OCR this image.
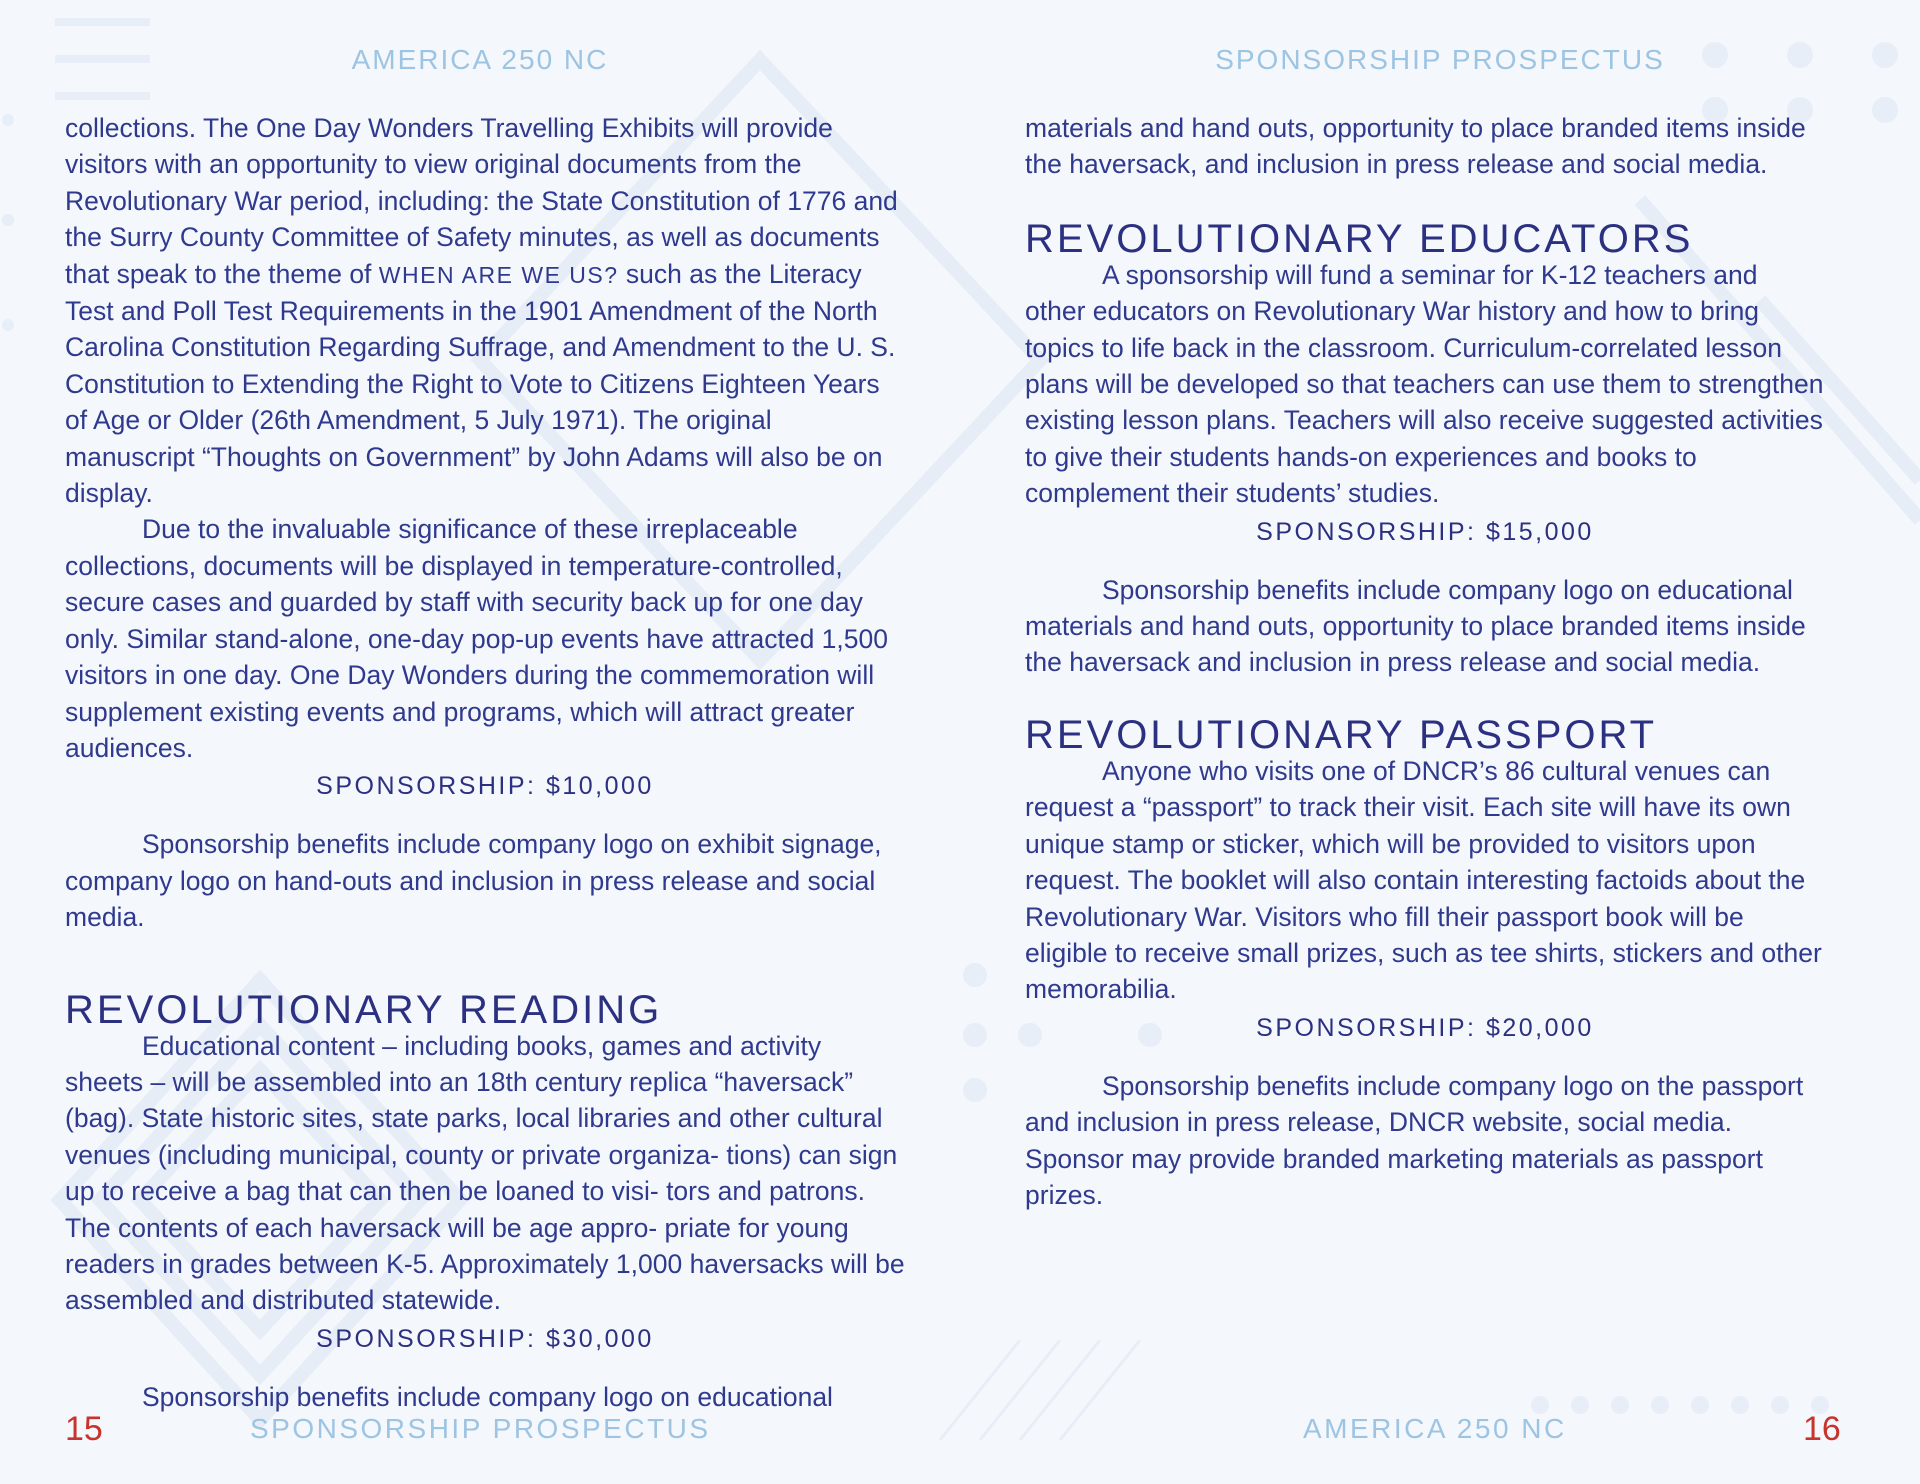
AMERICA 250 NC

collections. The One Day Wonders Travelling Exhibits will provide visitors with an opportunity to view original documents from the Revolutionary War period, including: the State Constitution of 1776 and the Surry County Committee of Safety minutes, as well as documents that speak to the theme of WHEN ARE WE US? such as the Literacy Test and Poll Test Requirements in the 1901 Amendment of the North Carolina Constitution Regarding Suffrage, and Amendment to the U. S. Constitution to Extending the Right to Vote to Citizens Eighteen Years of Age or Older (26th Amendment, 5 July 1971). The original manuscript “Thoughts on Government” by John Adams will also be on display.

Due to the invaluable significance of these irreplaceable collections, documents will be displayed in temperature-controlled, secure cases and guarded by staff with security back up for one day only. Similar stand-alone, one-day pop-up events have attracted 1,500 visitors in one day. One Day Wonders during the commemoration will supplement existing events and programs, which will attract greater audiences.

SPONSORSHIP: $10,000

Sponsorship benefits include company logo on exhibit signage, company logo on hand-outs and inclusion in press release and social media.

REVOLUTIONARY READING

Educational content – including books, games and activity sheets – will be assembled into an 18th century replica “haversack” (bag). State historic sites, state parks, local libraries and other cultural venues (including municipal, county or private organiza- tions) can sign up to receive a bag that can then be loaned to visi- tors and patrons. The contents of each haversack will be age appro- priate for young readers in grades between K-5. Approximately 1,000 haversacks will be assembled and distributed statewide.

SPONSORSHIP: $30,000

Sponsorship benefits include company logo on educational

15	SPONSORSHIP PROSPECTUS
SPONSORSHIP PROSPECTUS

materials and hand outs, opportunity to place branded items inside the haversack, and inclusion in press release and social media.

REVOLUTIONARY EDUCATORS

A sponsorship will fund a seminar for K-12 teachers and other educators on Revolutionary War history and how to bring topics to life back in the classroom. Curriculum-correlated lesson plans will be developed so that teachers can use them to strengthen existing lesson plans. Teachers will also receive suggested activities to give their students hands-on experiences and books to complement their students’ studies.

SPONSORSHIP: $15,000

Sponsorship benefits include company logo on educational materials and hand outs, opportunity to place branded items inside the haversack and inclusion in press release and social media.

REVOLUTIONARY PASSPORT

Anyone who visits one of DNCR’s 86 cultural venues can request a “passport” to track their visit. Each site will have its own unique stamp or sticker, which will be provided to visitors upon request. The booklet will also contain interesting factoids about the Revolutionary War. Visitors who fill their passport book will be eligible to receive small prizes, such as tee shirts, stickers and other memorabilia.

SPONSORSHIP: $20,000

Sponsorship benefits include company logo on the passport and inclusion in press release, DNCR website, social media. Sponsor may provide branded marketing materials as passport prizes.

AMERICA 250 NC	16
